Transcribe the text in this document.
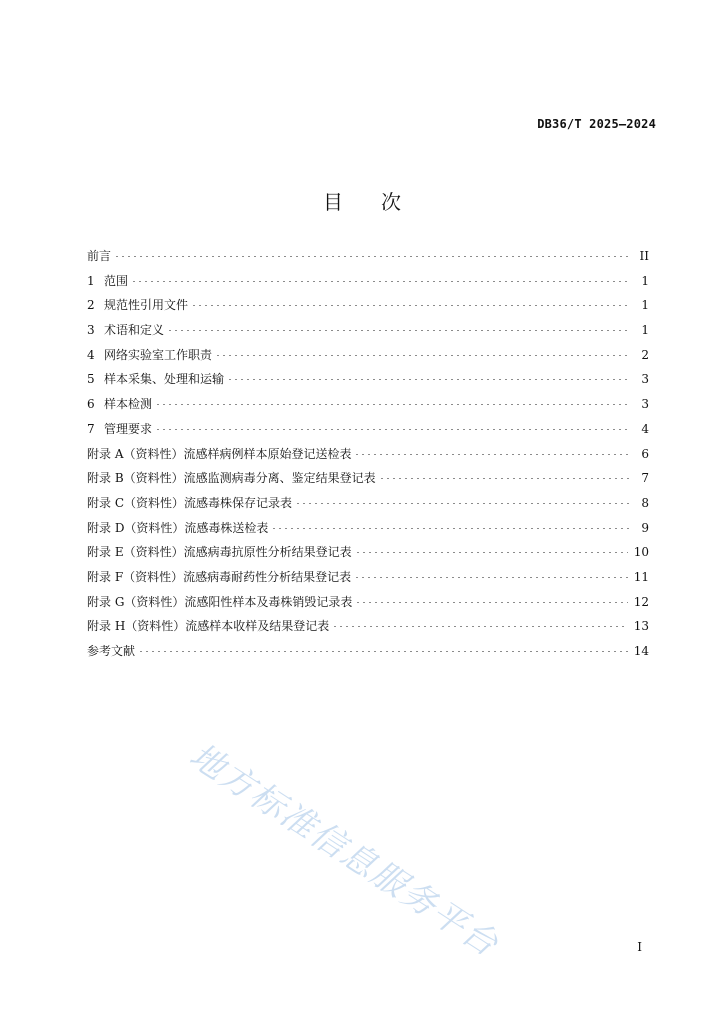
DB36/T 2025—2024
目 次
前言	II
1 范围	1
2 规范性引用文件	1
3 术语和定义	1
4 网络实验室工作职责	2
5 样本采集、处理和运输	3
6 样本检测	3
7 管理要求	4
附录 A（资料性）流感样病例样本原始登记送检表	6
附录 B（资料性）流感监测病毒分离、鉴定结果登记表	7
附录 C（资料性）流感毒株保存记录表	8
附录 D（资料性）流感毒株送检表	9
附录 E（资料性）流感病毒抗原性分析结果登记表	10
附录 F（资料性）流感病毒耐药性分析结果登记表	11
附录 G（资料性）流感阳性样本及毒株销毁记录表	12
附录 H（资料性）流感样本收样及结果登记表	13
参考文献	14
地方标准信息服务平台	I
